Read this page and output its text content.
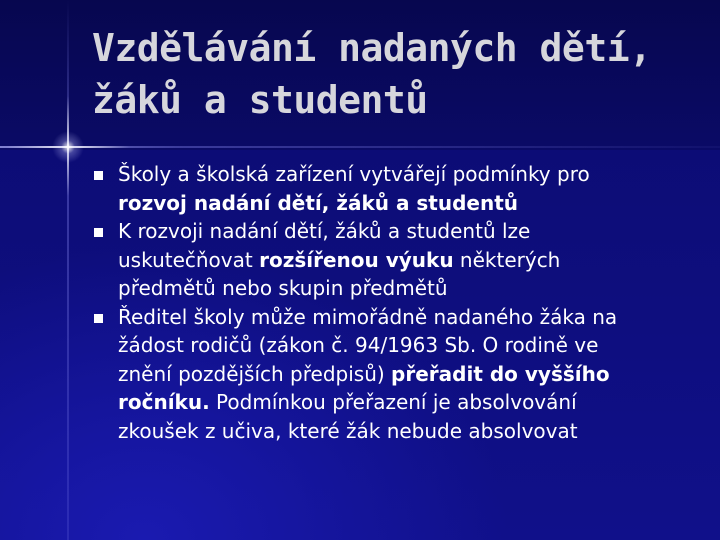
Vzdělávání nadaných dětí,
žáků a studentů
Školy a školská zařízení vytvářejí podmínky pro
rozvoj nadání dětí, žáků a studentů
K rozvoji nadání dětí, žáků a studentů lze
uskutečňovat rozšířenou výuku některých
předmětů nebo skupin předmětů
Ředitel školy může mimořádně nadaného žáka na
žádost rodičů (zákon č. 94/1963 Sb. O rodině ve
znění pozdějších předpisů) přeřadit do vyššího
ročníku. Podmínkou přeřazení je absolvování
zkoušek z učiva, které žák nebude absolvovat
